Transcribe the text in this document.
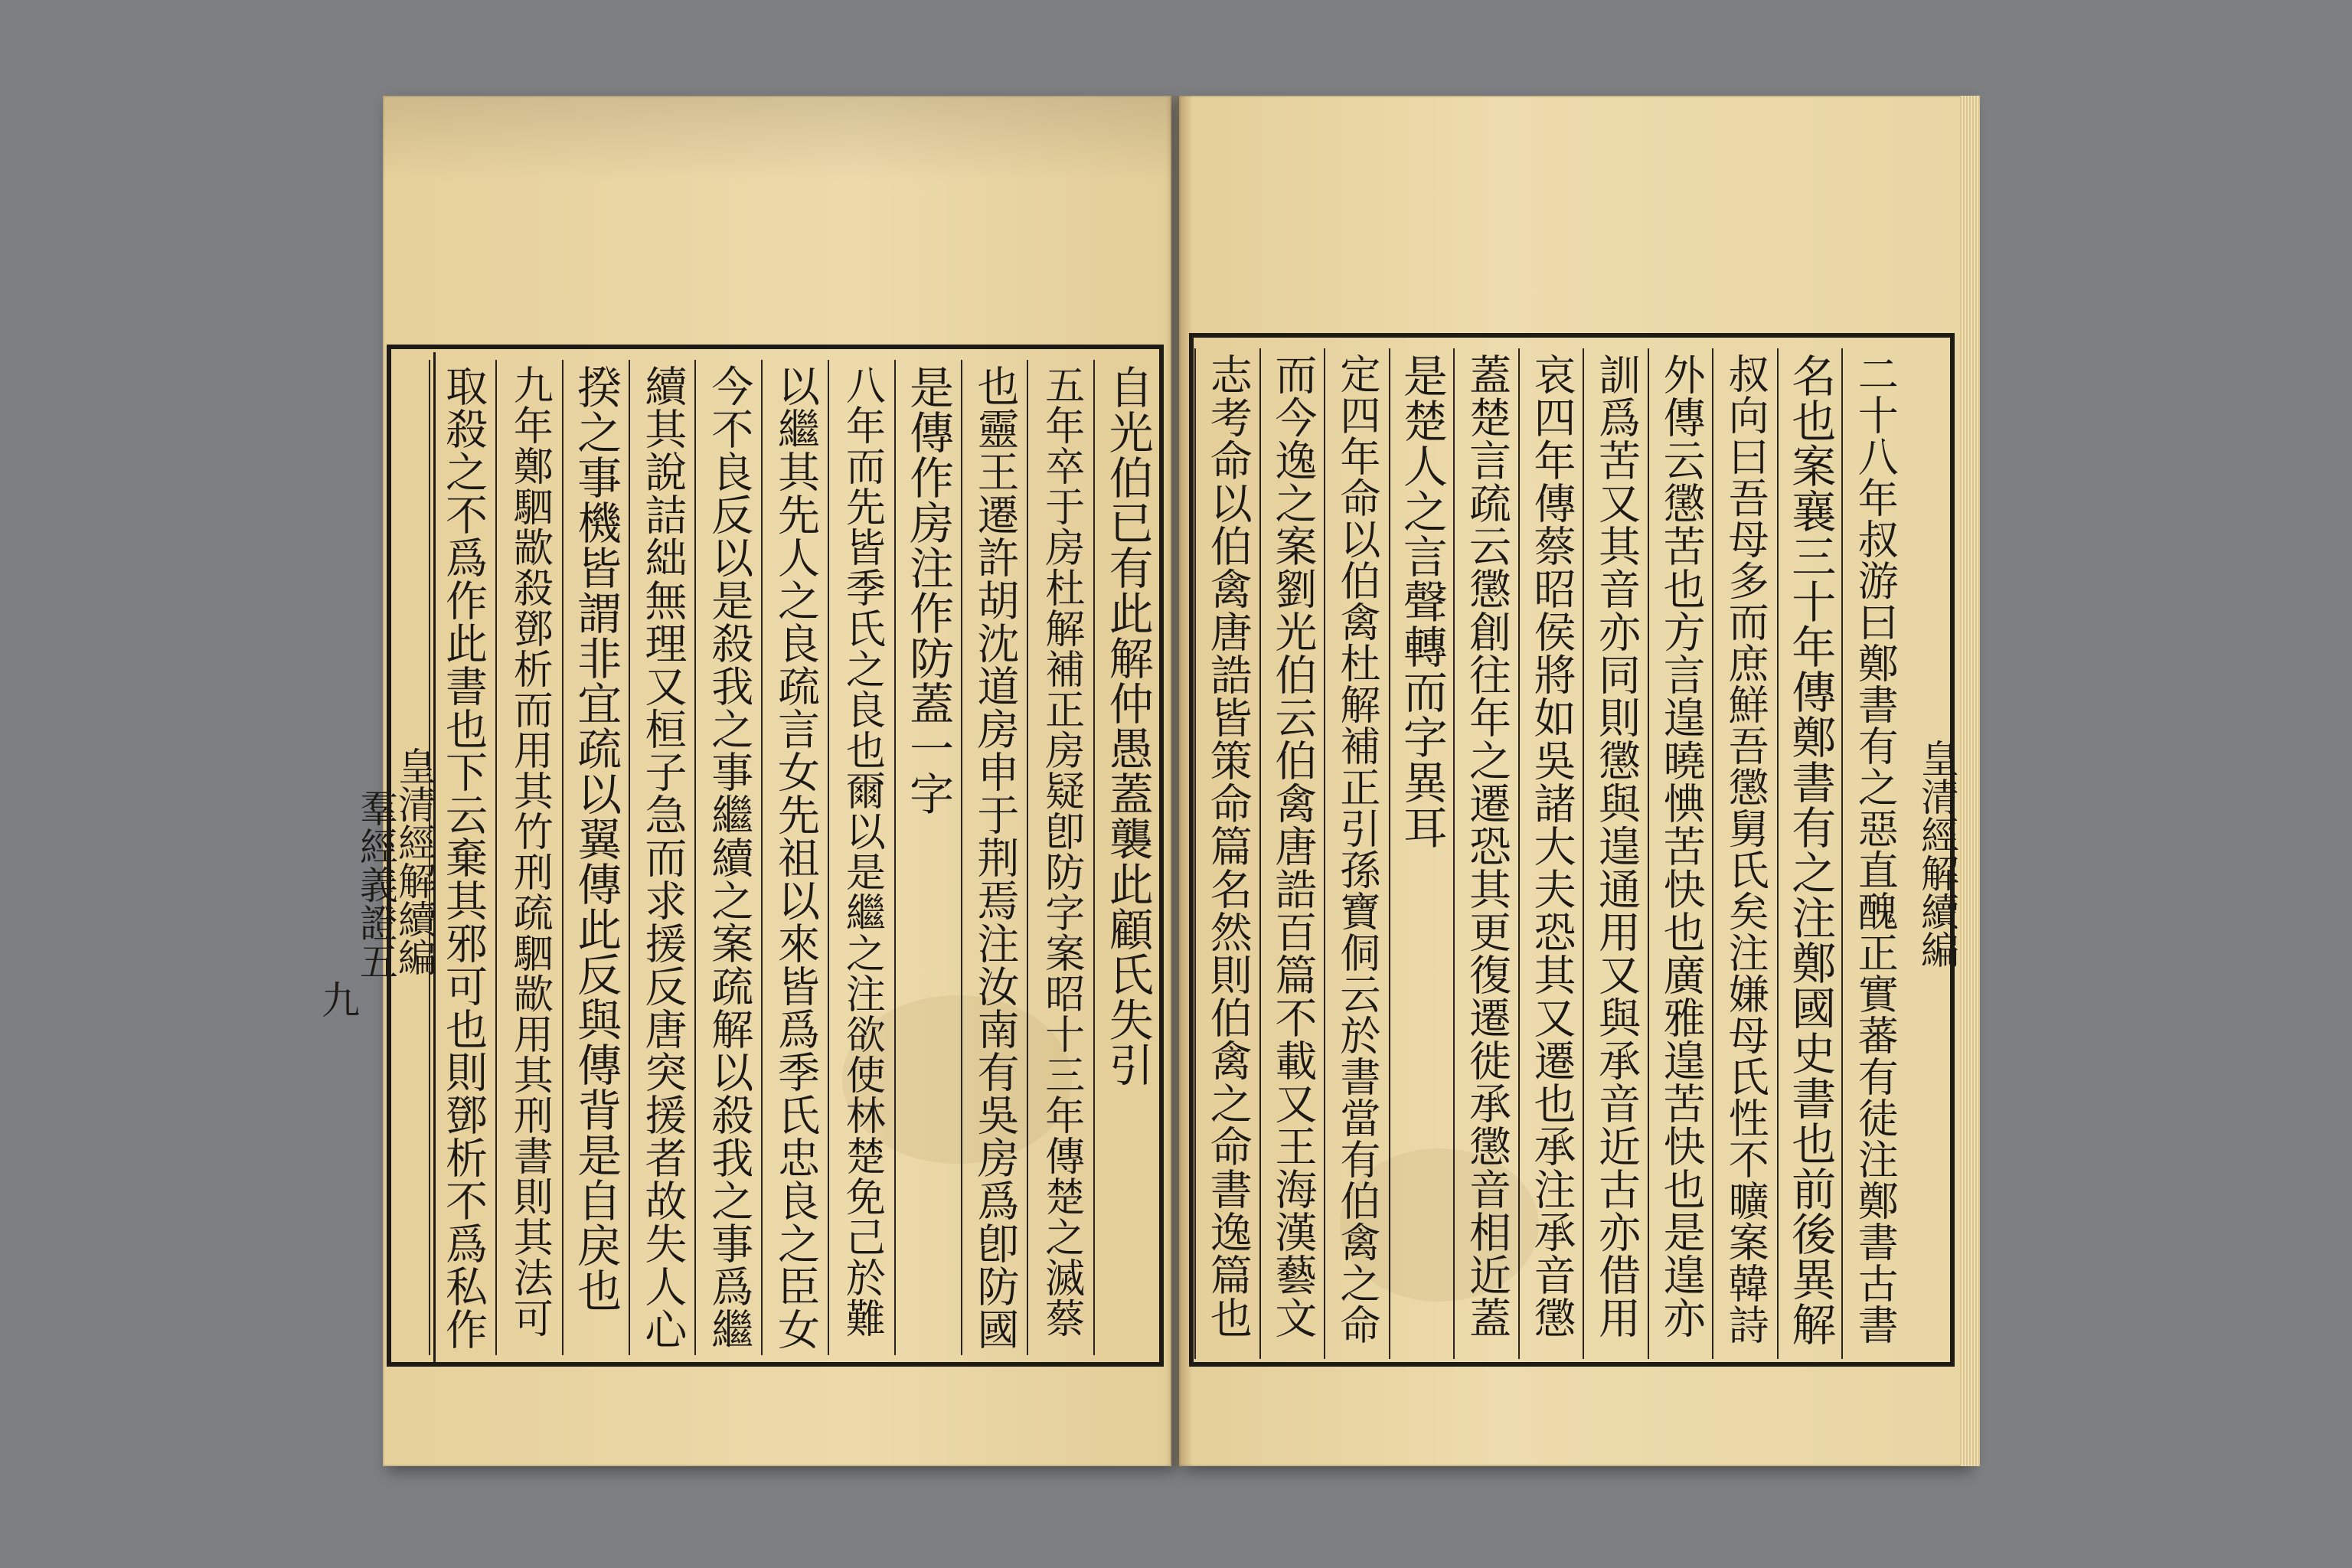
皇清經解續編
羣經義證五
九	自光伯已有此解仲愚蓋襲此顧氏失引
五年卒于房杜解補正房疑卽防字案昭十三年傳楚之滅蔡
也靈王遷許胡沈道房申于荆焉注汝南有吳房爲卽防國
是傳作房注作防蓋一字
八年而先皆季氏之良也爾以是繼之注欲使林楚免己於難
以繼其先人之良疏言女先祖以來皆爲季氏忠良之臣女
今不良反以是殺我之事繼續之案疏解以殺我之事爲繼
續其說詰絀無理又桓子急而求援反唐突援者故失人心
揆之事機皆謂非宜疏以翼傳此反與傳背是自戾也
九年鄭駟歂殺鄧析而用其竹刑疏駟歂用其刑書則其法可
取殺之不爲作此書也下云棄其邪可也則鄧析不爲私作	皇清經解續編
二十八年叔游曰鄭書有之惡直醜正實蕃有徒注鄭書古書
名也案襄三十年傳鄭書有之注鄭國史書也前後異解
叔向曰吾母多而庶鮮吾懲舅氏矣注嫌母氏性不曠案韓詩
外傳云懲苦也方言遑曉㥏苦快也廣雅遑苦快也是遑亦
訓爲苦又其音亦同則懲與遑通用又與承音近古亦借用
哀四年傳蔡昭侯將如吳諸大夫恐其又遷也承注承音懲
蓋楚言疏云懲創往年之遷恐其更復遷徙承懲音相近蓋
是楚人之言聲轉而字異耳
定四年命以伯禽杜解補正引孫寶侗云於書當有伯禽之命
而今逸之案劉光伯云伯禽唐誥百篇不載又王海漢藝文
志考命以伯禽唐誥皆策命篇名然則伯禽之命書逸篇也
